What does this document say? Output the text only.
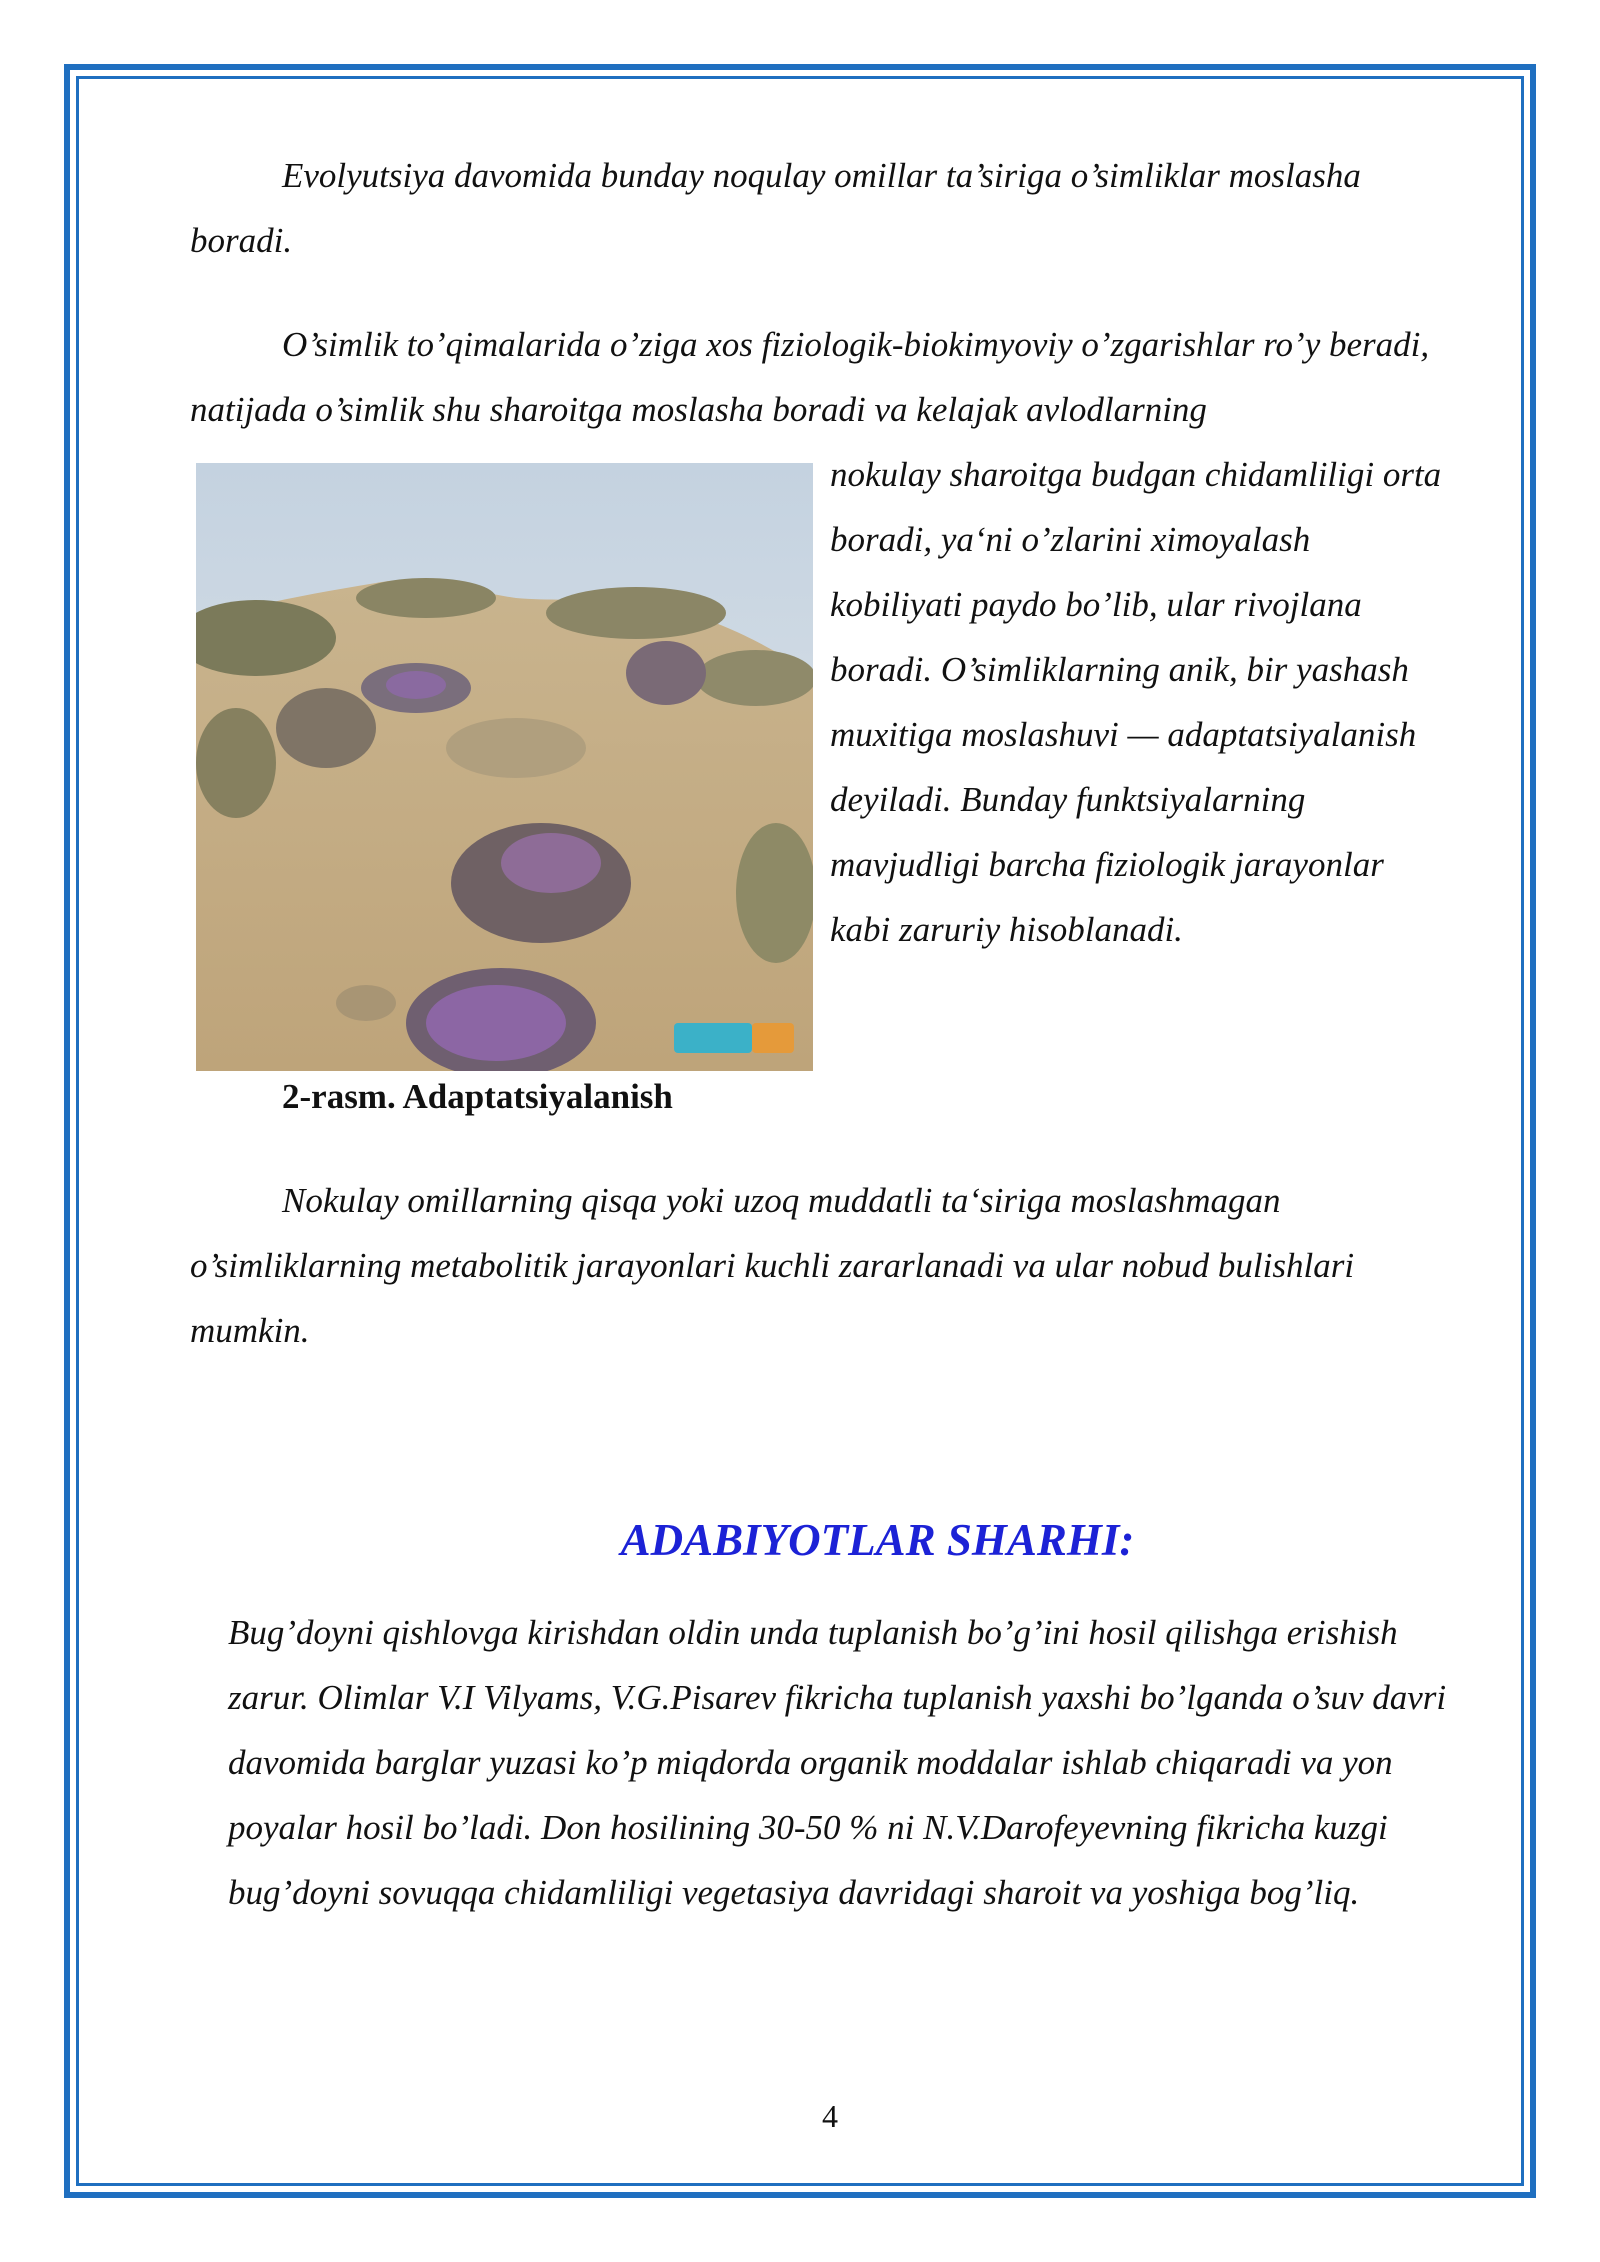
Evolyutsiya davomida bunday noqulay omillar ta’siriga o’simliklar moslasha boradi.

O’simlik to’qimalarida o’ziga xos fiziologik-biokimyoviy o’zgarishlar ro’y beradi, natijada o’simlik shu sharoitga moslasha boradi va kelajak avlodlarning

nokulay sharoitga budgan chidamliligi orta boradi, ya‘ni o’zlarini ximoyalash kobiliyati paydo bo’lib, ular rivojlana boradi. O’simliklarning anik, bir yashash muxitiga moslashuvi — adaptatsiyalanish deyiladi. Bunday funktsiyalarning mavjudligi barcha fiziologik jarayonlar kabi zaruriy hisoblanadi.

2-rasm. Adaptatsiyalanish

Nokulay omillarning qisqa yoki uzoq muddatli ta‘siriga moslashmagan o’simliklarning metabolitik jarayonlari kuchli zararlanadi va ular nobud bulishlari mumkin.

ADABIYOTLAR SHARHI:

Bug’doyni qishlovga kirishdan oldin unda tuplanish bo’g’ini hosil qilishga erishish zarur. Olimlar V.I Vilyams, V.G.Pisarev fikricha tuplanish yaxshi bo’lganda o’suv davri davomida barglar yuzasi ko’p miqdorda organik moddalar ishlab chiqaradi va yon poyalar hosil bo’ladi. Don hosilining 30-50 % ni N.V.Darofeyevning fikricha kuzgi bug’doyni sovuqqa chidamliligi vegetasiya davridagi sharoit va yoshiga bog’liq.

4
